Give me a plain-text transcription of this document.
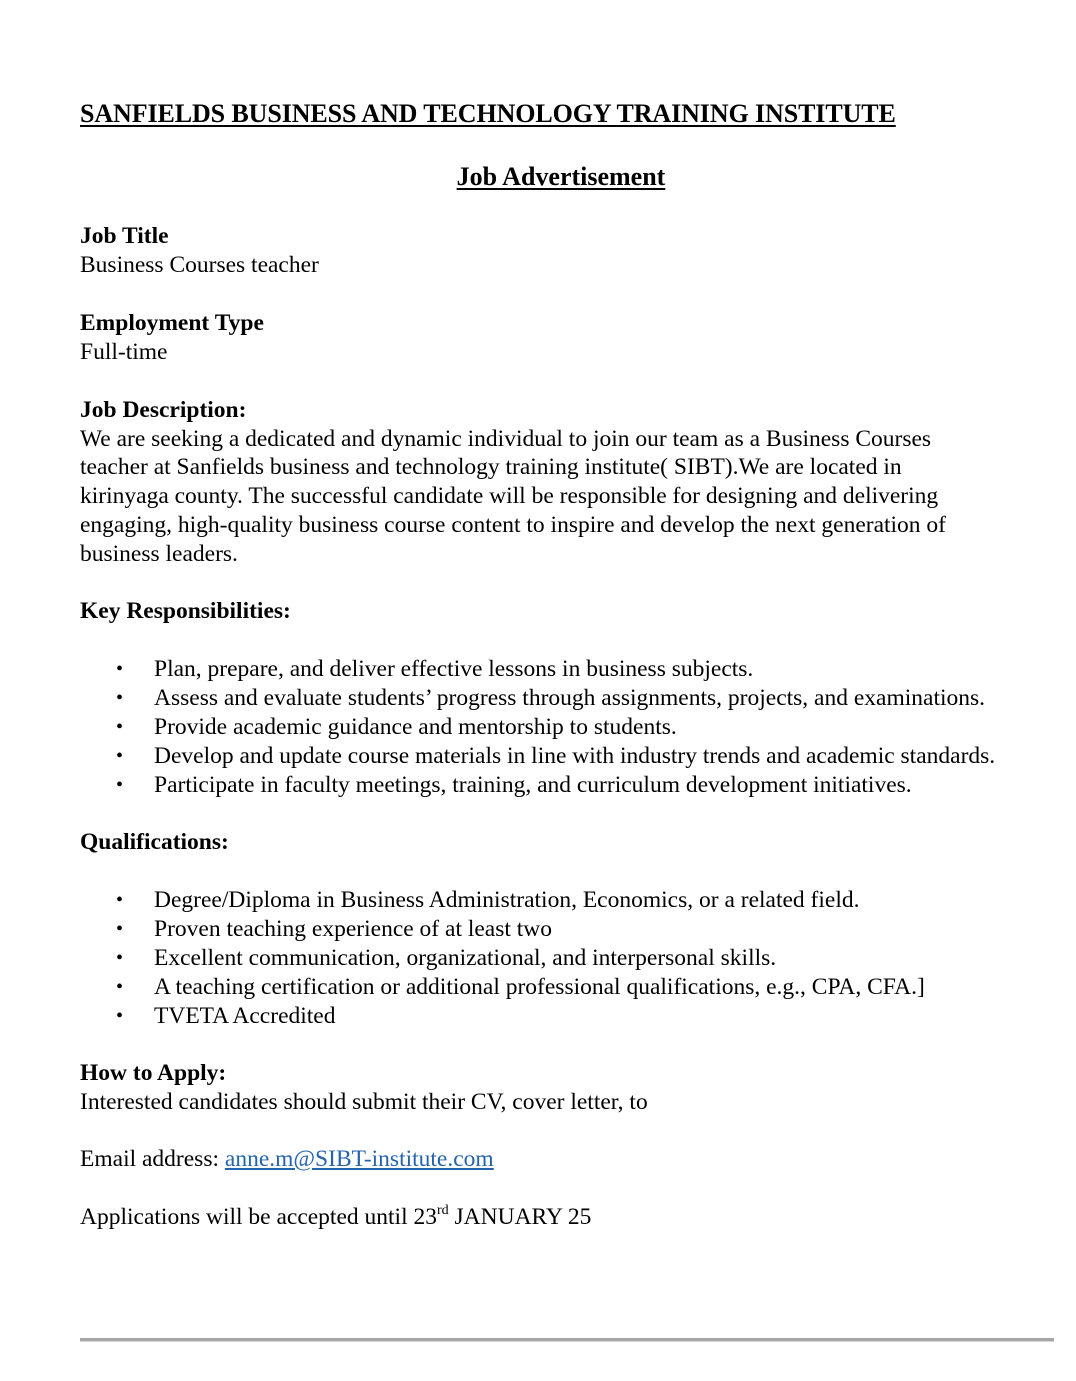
SANFIELDS BUSINESS AND TECHNOLOGY TRAINING INSTITUTE
Job Advertisement
Job Title
Business Courses teacher
Employment Type
Full-time
Job Description:
We are seeking a dedicated and dynamic individual to join our team as a Business Courses
teacher at Sanfields business and technology training institute( SIBT).We are located in
kirinyaga county. The successful candidate will be responsible for designing and delivering
engaging, high-quality business course content to inspire and develop the next generation of
business leaders.
Key Responsibilities:
• Plan, prepare, and deliver effective lessons in business subjects.
• Assess and evaluate students’ progress through assignments, projects, and examinations.
• Provide academic guidance and mentorship to students.
• Develop and update course materials in line with industry trends and academic standards.
• Participate in faculty meetings, training, and curriculum development initiatives.
Qualifications:
• Degree/Diploma in Business Administration, Economics, or a related field.
• Proven teaching experience of at least two
• Excellent communication, organizational, and interpersonal skills.
• A teaching certification or additional professional qualifications, e.g., CPA, CFA.]
• TVETA Accredited
How to Apply:
Interested candidates should submit their CV, cover letter, to
Email address: anne.m@SIBT-institute.com
Applications will be accepted until 23rd JANUARY 25
